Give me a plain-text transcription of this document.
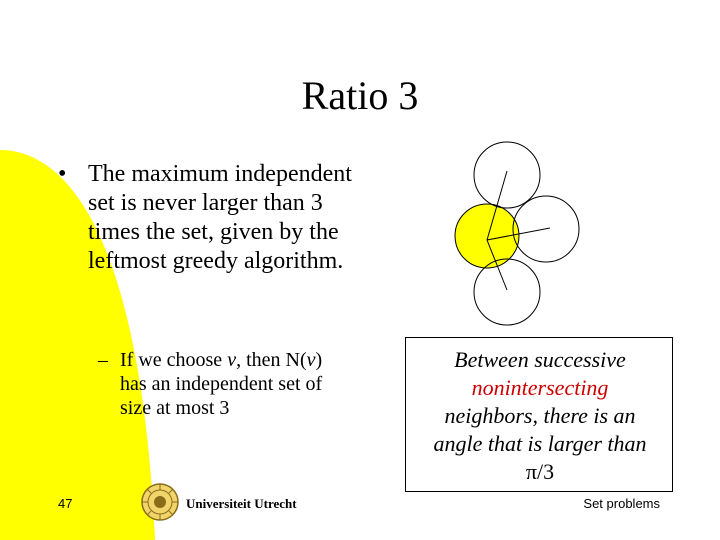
Ratio 3
• The maximum independent set is never larger than 3 times the set, given by the leftmost greedy algorithm.
– If we choose v, then N(v) has an independent set of size at most 3
Between successive
nonintersecting
neighbors, there is an
angle that is larger than
π/3
47	Universiteit Utrecht	Set problems
